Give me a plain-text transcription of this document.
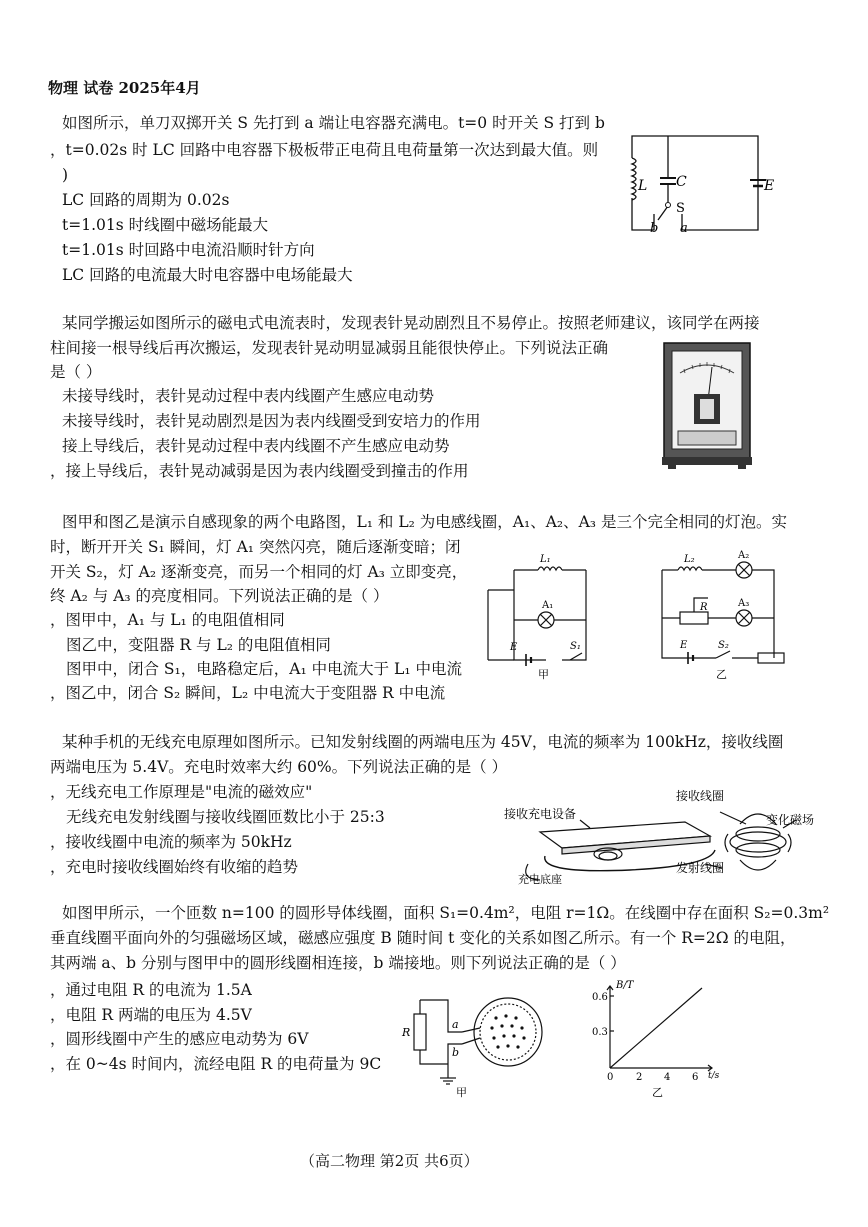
物理 试卷 2025年4月
如图所示，单刀双掷开关 S 先打到 a 端让电容器充满电。t=0 时开关 S 打到 b
，t=0.02s 时 LC 回路中电容器下极板带正电荷且电荷量第一次达到最大值。则
)
LC 回路的周期为 0.02s
t=1.01s 时线圈中磁场能最大
t=1.01s 时回路中电流沿顺时针方向
LC 回路的电流最大时电容器中电场能最大
L C	E
S
b a
某同学搬运如图所示的磁电式电流表时，发现表针晃动剧烈且不易停止。按照老师建议，该同学在两接
柱间接一根导线后再次搬运，发现表针晃动明显减弱且能很快停止。下列说法正确
是（ ）
未接导线时，表针晃动过程中表内线圈产生感应电动势
未接导线时，表针晃动剧烈是因为表内线圈受到安培力的作用
接上导线后，表针晃动过程中表内线圈不产生感应电动势
，接上导线后，表针晃动减弱是因为表内线圈受到撞击的作用
图甲和图乙是演示自感现象的两个电路图，L₁ 和 L₂ 为电感线圈，A₁、A₂、A₃ 是三个完全相同的灯泡。实
时，断开开关 S₁ 瞬间，灯 A₁ 突然闪亮，随后逐渐变暗；闭
开关 S₂，灯 A₂ 逐渐变亮，而另一个相同的灯 A₃ 立即变亮，
终 A₂ 与 A₃ 的亮度相同。下列说法正确的是（ ）
，图甲中，A₁ 与 L₁ 的电阻值相同
图乙中，变阻器 R 与 L₂ 的电阻值相同
图甲中，闭合 S₁，电路稳定后，A₁ 中电流大于 L₁ 中电流
，图乙中，闭合 S₂ 瞬间，L₂ 中电流大于变阻器 R 中电流
L₁
A₁
E	S₁
甲
L₂	A₂
A₃
R
E	S₂
乙
某种手机的无线充电原理如图所示。已知发射线圈的两端电压为 45V，电流的频率为 100kHz，接收线圈
两端电压为 5.4V。充电时效率大约 60%。下列说法正确的是（ ）
，无线充电工作原理是"电流的磁效应"
无线充电发射线圈与接收线圈匝数比小于 25:3
，接收线圈中电流的频率为 50kHz
，充电时接收线圈始终有收缩的趋势
接收线圈
接收充电设备	变化磁场
充电底座
发射线圈
如图甲所示，一个匝数 n=100 的圆形导体线圈，面积 S₁=0.4m²，电阻 r=1Ω。在线圈中存在面积 S₂=0.3m²
垂直线圈平面向外的匀强磁场区域，磁感应强度 B 随时间 t 变化的关系如图乙所示。有一个 R=2Ω 的电阻，
其两端 a、b 分别与图甲中的圆形线圈相连接，b 端接地。则下列说法正确的是（ ）
，通过电阻 R 的电流为 1.5A
，电阻 R 两端的电压为 4.5V
，圆形线圈中产生的感应电动势为 6V
，在 0~4s 时间内，流经电阻 R 的电荷量为 9C
R
a
b
甲
B/T
0.6
0.3
0 2 4 6 t/s
乙
（高二物理 第2页 共6页）
